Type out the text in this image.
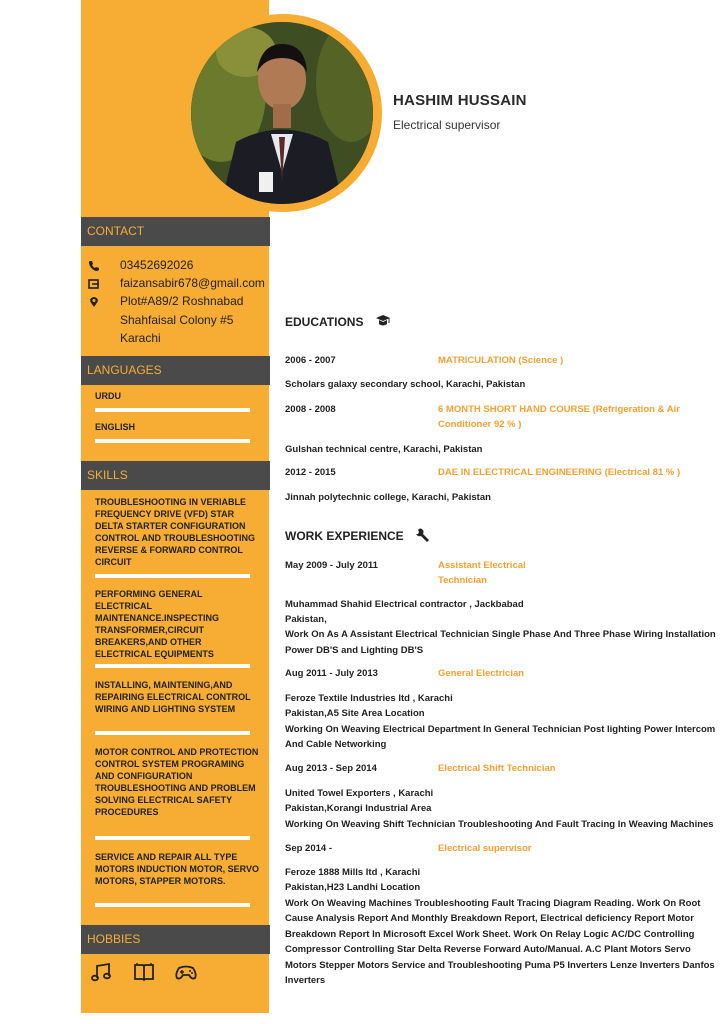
HASHIM HUSSAIN
Electrical supervisor
CONTACT
03452692026
faizansabir678@gmail.com
Plot#A89/2 Roshnabad
Shahfaisal Colony #5
Karachi
LANGUAGES
URDU
ENGLISH
SKILLS
TROUBLESHOOTING IN VERIABLE FREQUENCY DRIVE (VFD) STAR DELTA STARTER CONFIGURATION CONTROL AND TROUBLESHOOTING REVERSE & FORWARD CONTROL CIRCUIT
PERFORMING GENERAL ELECTRICAL MAINTENANCE.INSPECTING TRANSFORMER,CIRCUIT BREAKERS,AND OTHER ELECTRICAL EQUIPMENTS
INSTALLING, MAINTENING,AND REPAIRING ELECTRICAL CONTROL WIRING AND LIGHTING SYSTEM
MOTOR CONTROL AND PROTECTION CONTROL SYSTEM PROGRAMING AND CONFIGURATION TROUBLESHOOTING AND PROBLEM SOLVING ELECTRICAL SAFETY PROCEDURES
SERVICE AND REPAIR ALL TYPE MOTORS INDUCTION MOTOR, SERVO MOTORS, STAPPER MOTORS.
HOBBIES
EDUCATIONS
2006 - 2007	MATRICULATION (Science )
Scholars galaxy secondary school, Karachi, Pakistan
2008 - 2008	6 MONTH SHORT HAND COURSE (Refrigeration & Air Conditioner 92 % )
Gulshan technical centre, Karachi, Pakistan
2012 - 2015	DAE IN ELECTRICAL ENGINEERING (Electrical 81 % )
Jinnah polytechnic college, Karachi, Pakistan
WORK EXPERIENCE
May 2009 - July 2011	Assistant Electrical Technician
Muhammad Shahid Electrical contractor , Jackbabad
Pakistan,
Work On As A Assistant Electrical Technician Single Phase And Three Phase Wiring Installation
Power DB'S and Lighting DB'S
Aug 2011 - July 2013	General Electrician
Feroze Textile Industries ltd , Karachi
Pakistan,A5 Site Area Location
Working On Weaving Electrical Department In General Technician Post lighting Power Intercom
And Cable Networking
Aug 2013 - Sep 2014	Electrical Shift Technician
United Towel Exporters , Karachi
Pakistan,Korangi Industrial Area
Working On Weaving Shift Technician Troubleshooting And Fault Tracing In Weaving Machines
Sep 2014 -	Electrical supervisor
Feroze 1888 Mills ltd , Karachi
Pakistan,H23 Landhi Location
Work On Weaving Machines Troubleshooting Fault Tracing Diagram Reading. Work On Root
Cause Analysis Report And Monthly Breakdown Report, Electrical deficiency Report Motor
Breakdown Report In Microsoft Excel Work Sheet. Work On Relay Logic AC/DC Controlling
Compressor Controlling Star Delta Reverse Forward Auto/Manual. A.C Plant Motors Servo
Motors Stepper Motors Service and Troubleshooting Puma P5 Inverters Lenze Inverters Danfos
Inverters
